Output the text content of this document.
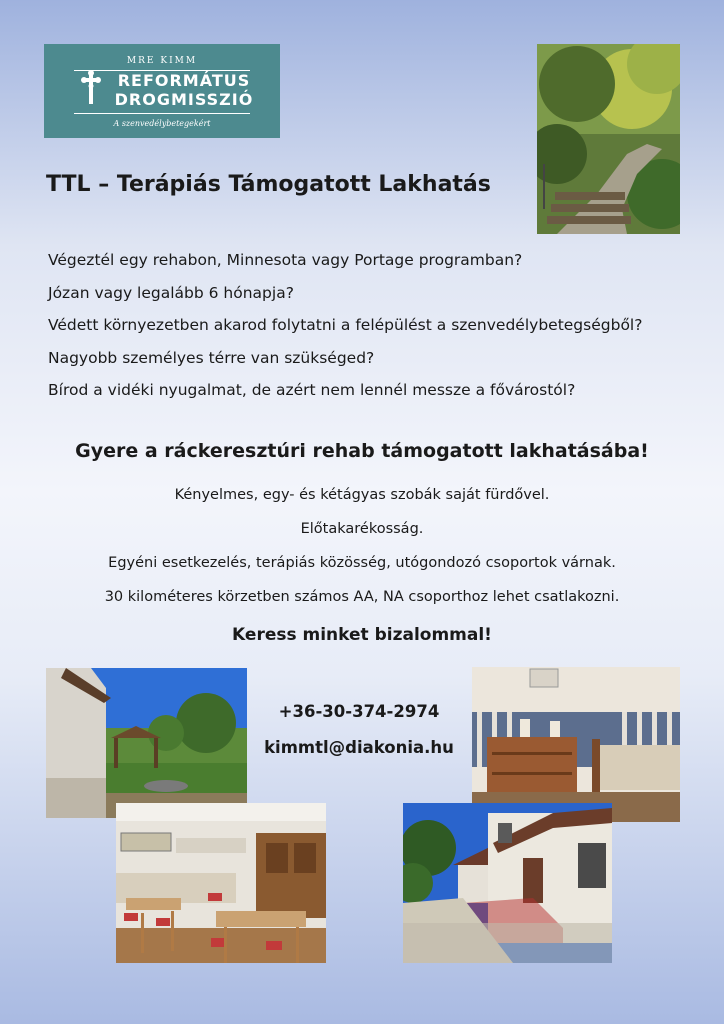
MRE KIMM
REFORMÁTUS
DROGMISSZIÓ
A szenvedélybetegekért
TTL – Terápiás Támogatott Lakhatás
Végeztél egy rehabon, Minnesota vagy Portage programban?
Józan vagy legalább 6 hónapja?
Védett környezetben akarod folytatni a felépülést a szenvedélybetegségből?
Nagyobb személyes térre van szükséged?
Bírod a vidéki nyugalmat, de azért nem lennél messze a fővárostól?
Gyere a ráckeresztúri rehab támogatott lakhatásába!
Kényelmes, egy- és kétágyas szobák saját fürdővel.
Előtakarékosság.
Egyéni esetkezelés, terápiás közösség, utógondozó csoportok várnak.
30 kilométeres körzetben számos AA, NA csoporthoz lehet csatlakozni.
Keress minket bizalommal!
+36-30-374-2974
kimmtl@diakonia.hu
